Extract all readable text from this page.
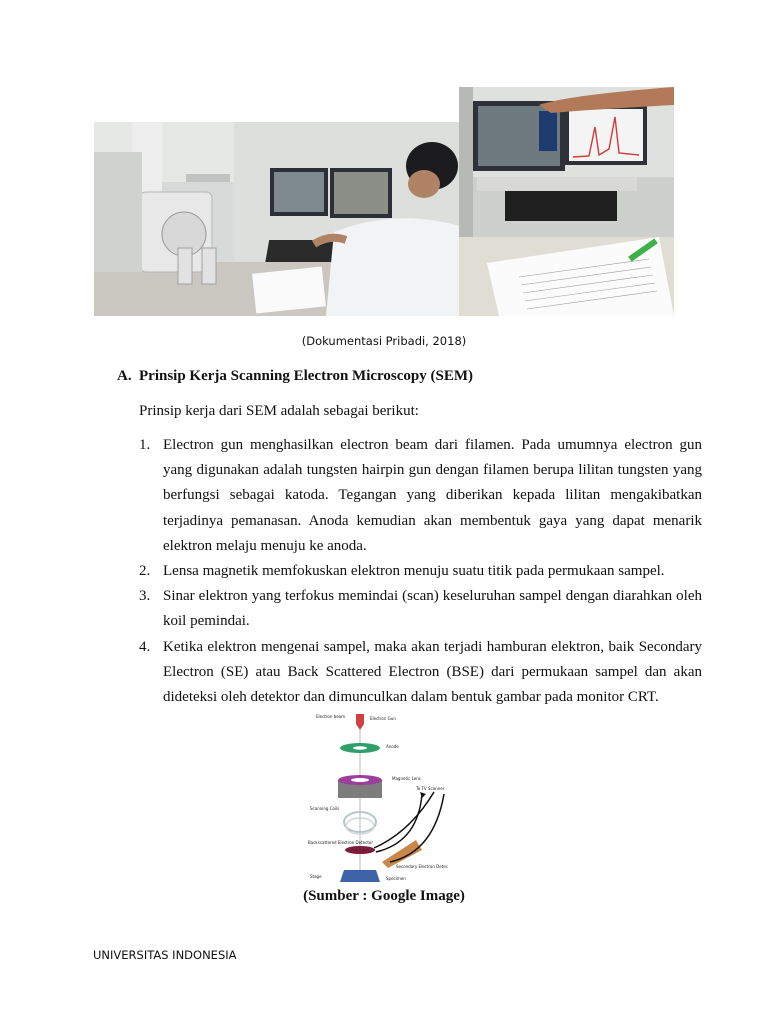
(Dokumentasi Pribadi, 2018)

A. Prinsip Kerja Scanning Electron Microscopy (SEM)

Prinsip kerja dari SEM adalah sebagai berikut:

1. Electron gun menghasilkan electron beam dari filamen. Pada umumnya electron gun yang digunakan adalah tungsten hairpin gun dengan filamen berupa lilitan tungsten yang berfungsi sebagai katoda. Tegangan yang diberikan kepada lilitan mengakibatkan terjadinya pemanasan. Anoda kemudian akan membentuk gaya yang dapat menarik elektron melaju menuju ke anoda.
2. Lensa magnetik memfokuskan elektron menuju suatu titik pada permukaan sampel.
3. Sinar elektron yang terfokus memindai (scan) keseluruhan sampel dengan diarahkan oleh koil pemindai.
4. Ketika elektron mengenai sampel, maka akan terjadi hamburan elektron, baik Secondary Electron (SE) atau Back Scattered Electron (BSE) dari permukaan sampel dan akan dideteksi oleh detektor dan dimunculkan dalam bentuk gambar pada monitor CRT.
Electron beam	Electron Gun
Anode
Magnetic Lens
To TV Scanner
Scanning Coils
Backscattered Electron Detector
Secondary Electron Detector
Stage	Specimen
(Sumber : Google Image)
UNIVERSITAS INDONESIA
